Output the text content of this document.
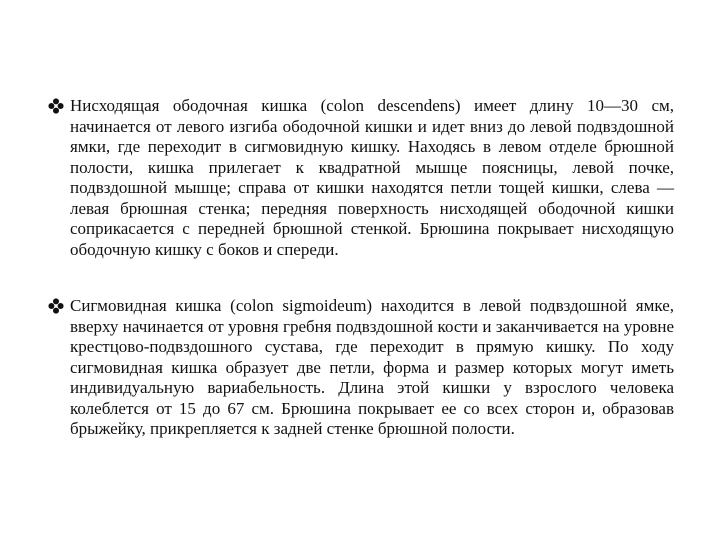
Нисходящая ободочная кишка (colon descendens) имеет длину 10—30 см, начинается от левого изгиба ободочной кишки и идет вниз до левой подвздошной ямки, где переходит в сигмовидную кишку. Находясь в левом отделе брюшной полости, кишка прилегает к квадратной мышце поясницы, левой почке, подвздошной мышце; справа от кишки находятся петли тощей кишки, слева — левая брюшная стенка; передняя поверхность нисходящей ободочной кишки соприкасается с передней брюшной стенкой. Брюшина покрывает нисходящую ободочную кишку с боков и спереди.

Сигмовидная кишка (colon sigmoideum) находится в левой подвздошной ямке, вверху начинается от уровня гребня подвздошной кости и заканчивается на уровне крестцово-подвздошного сустава, где переходит в прямую кишку. По ходу сигмовидная кишка образует две петли, форма и размер которых могут иметь индивидуальную вариабельность. Длина этой кишки у взрослого человека колеблется от 15 до 67 см. Брюшина покрывает ее со всех сторон и, образовав брыжейку, прикрепляется к задней стенке брюшной полости.
